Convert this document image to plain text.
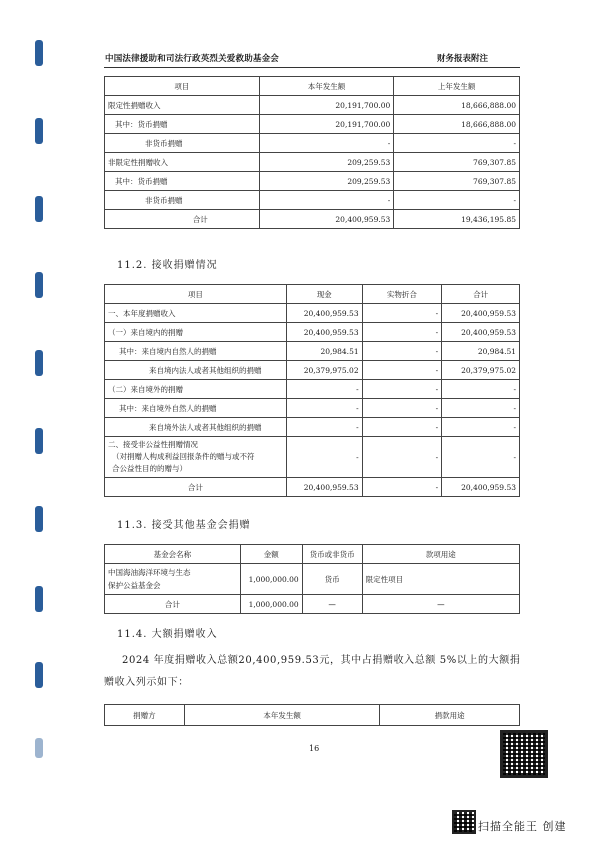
中国法律援助和司法行政英烈关爱救助基金会	财务报表附注
项目	本年发生额	上年发生额
限定性捐赠收入	20,191,700.00	18,666,888.00
其中：货币捐赠	20,191,700.00	18,666,888.00
非货币捐赠	-	-
非限定性捐赠收入	209,259.53	769,307.85
其中：货币捐赠	209,259.53	769,307.85
非货币捐赠	-	-
合计	20,400,959.53	19,436,195.85
11.2. 接收捐赠情况
项目	现金	实物折合	合计
一、本年度捐赠收入	20,400,959.53	-	20,400,959.53
（一）来自境内的捐赠	20,400,959.53	-	20,400,959.53
其中：来自境内自然人的捐赠	20,984.51	-	20,984.51
来自境内法人或者其他组织的捐赠	20,379,975.02	-	20,379,975.02
（二）来自境外的捐赠	-	-	-
其中：来自境外自然人的捐赠	-	-	-
来自境外法人或者其他组织的捐赠	-	-	-

二、接受非公益性捐赠情况
（对捐赠人构成利益回报条件的赠与或不符
合公益性目的的赠与）	-	-	-
合计	20,400,959.53	-	20,400,959.53
11.3. 接受其他基金会捐赠
基金会名称	金额	货币或非货币	款项用途

中国海油海洋环境与生态
保护公益基金会	1,000,000.00	货币	限定性项目
合计	1,000,000.00	—	—
11.4. 大额捐赠收入
2024 年度捐赠收入总额20,400,959.53元，其中占捐赠收入总额 5%以上的大额捐
赠收入列示如下：
捐赠方	本年发生额	捐款用途
16
扫描全能王 创建
